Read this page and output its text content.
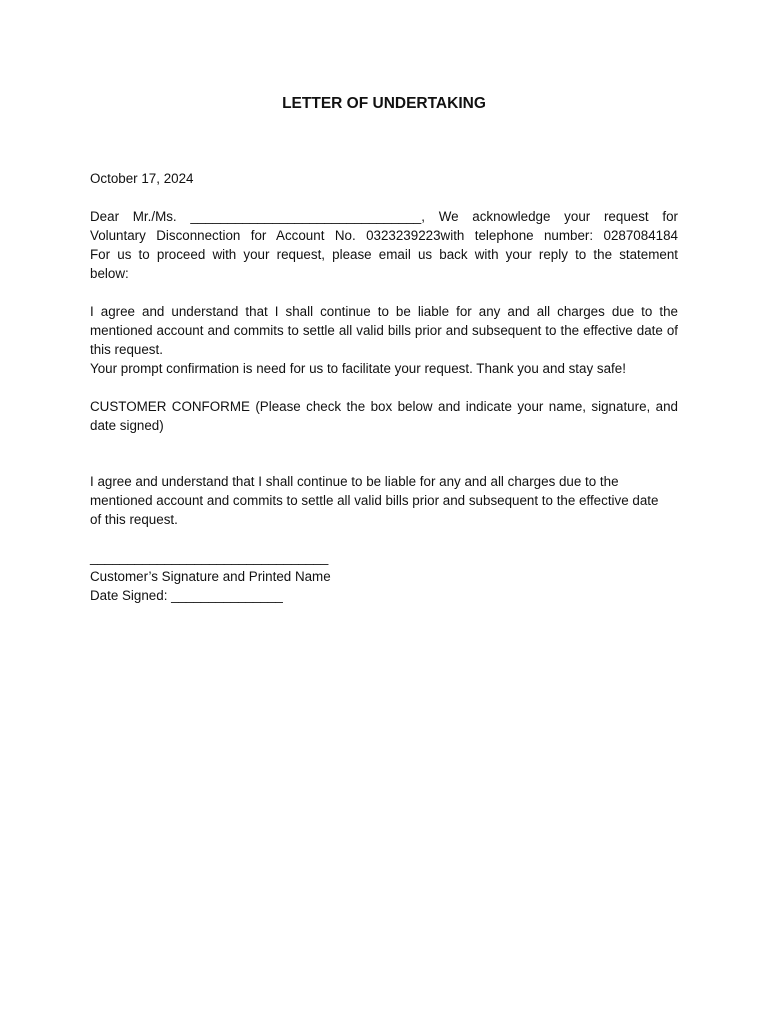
LETTER OF UNDERTAKING
October 17, 2024
Dear Mr./Ms. _______________________________, We acknowledge your request for
Voluntary Disconnection for Account No. 0323239223with telephone number: 0287084184
For us to proceed with your request, please email us back with your reply to the statement
below:
I agree and understand that I shall continue to be liable for any and all charges due to the mentioned account and commits to settle all valid bills prior and subsequent to the effective date of this request.
Your prompt confirmation is need for us to facilitate your request. Thank you and stay safe!
CUSTOMER CONFORME (Please check the box below and indicate your name, signature, and date signed)
I agree and understand that I shall continue to be liable for any and all charges due to the mentioned account and commits to settle all valid bills prior and subsequent to the effective date of this request.
________________________________
Customer’s Signature and Printed Name
Date Signed: _______________
